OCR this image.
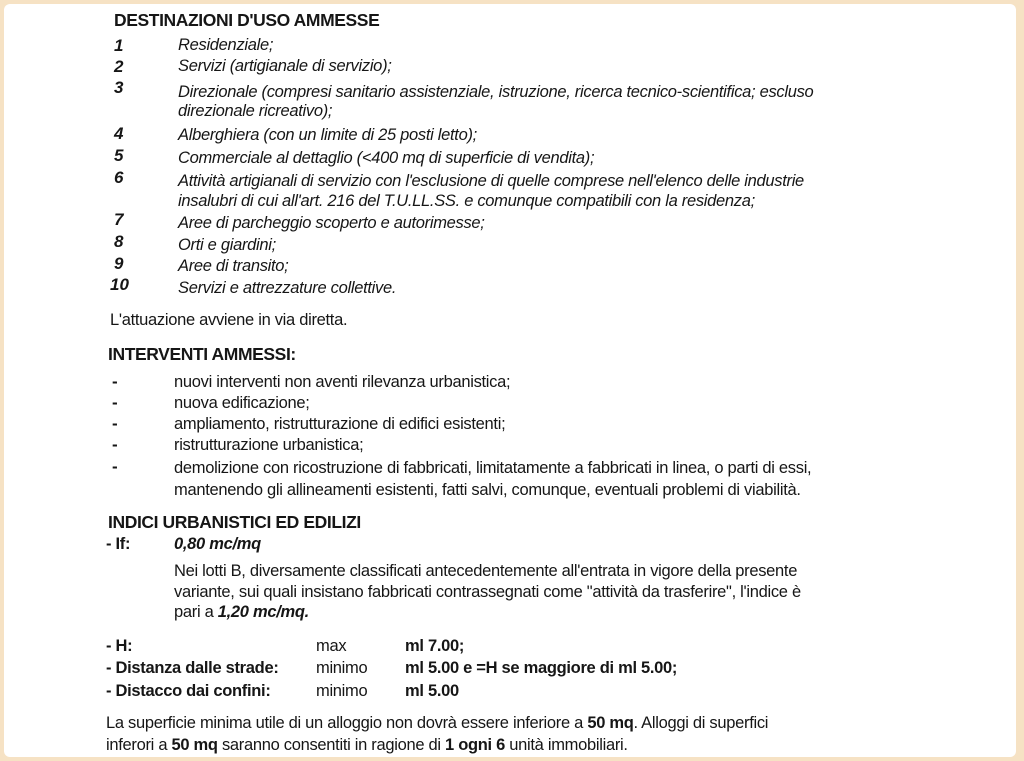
DESTINAZIONI D'USO AMMESSE
1	Residenziale;
2	Servizi (artigianale di servizio);
3	Direzionale (compresi sanitario assistenziale, istruzione, ricerca tecnico-scientifica; escluso
direzionale ricreativo);
4	Alberghiera (con un limite di 25 posti letto);
5	Commerciale al dettaglio (<400 mq di superficie di vendita);
6	Attività artigianali di servizio con l'esclusione di quelle comprese nell'elenco delle industrie
insalubri di cui all'art. 216 del T.U.LL.SS. e comunque compatibili con la residenza;
7	Aree di parcheggio scoperto e autorimesse;
8	Orti e giardini;
9	Aree di transito;
10	Servizi e attrezzature collettive.
L'attuazione avviene in via diretta.
INTERVENTI AMMESSI:
-	nuovi interventi non aventi rilevanza urbanistica;
-	nuova edificazione;
-	ampliamento, ristrutturazione di edifici esistenti;
-	ristrutturazione urbanistica;
-	demolizione con ricostruzione di fabbricati, limitatamente a fabbricati in linea, o parti di essi,
mantenendo gli allineamenti esistenti, fatti salvi, comunque, eventuali problemi di viabilità.
INDICI URBANISTICI ED EDILIZI
- If:	0,80 mc/mq
Nei lotti B, diversamente classificati antecedentemente all'entrata in vigore della presente
variante, sui quali insistano fabbricati contrassegnati come "attività da trasferire", l'indice è
pari a 1,20 mc/mq.
- H:	max	ml 7.00;
- Distanza dalle strade: minimo ml 5.00 e =H se maggiore di ml 5.00;
- Distacco dai confini:	minimo ml 5.00
La superficie minima utile di un alloggio non dovrà essere inferiore a 50 mq. Alloggi di superfici
inferori a 50 mq saranno consentiti in ragione di 1 ogni 6 unità immobiliari.
